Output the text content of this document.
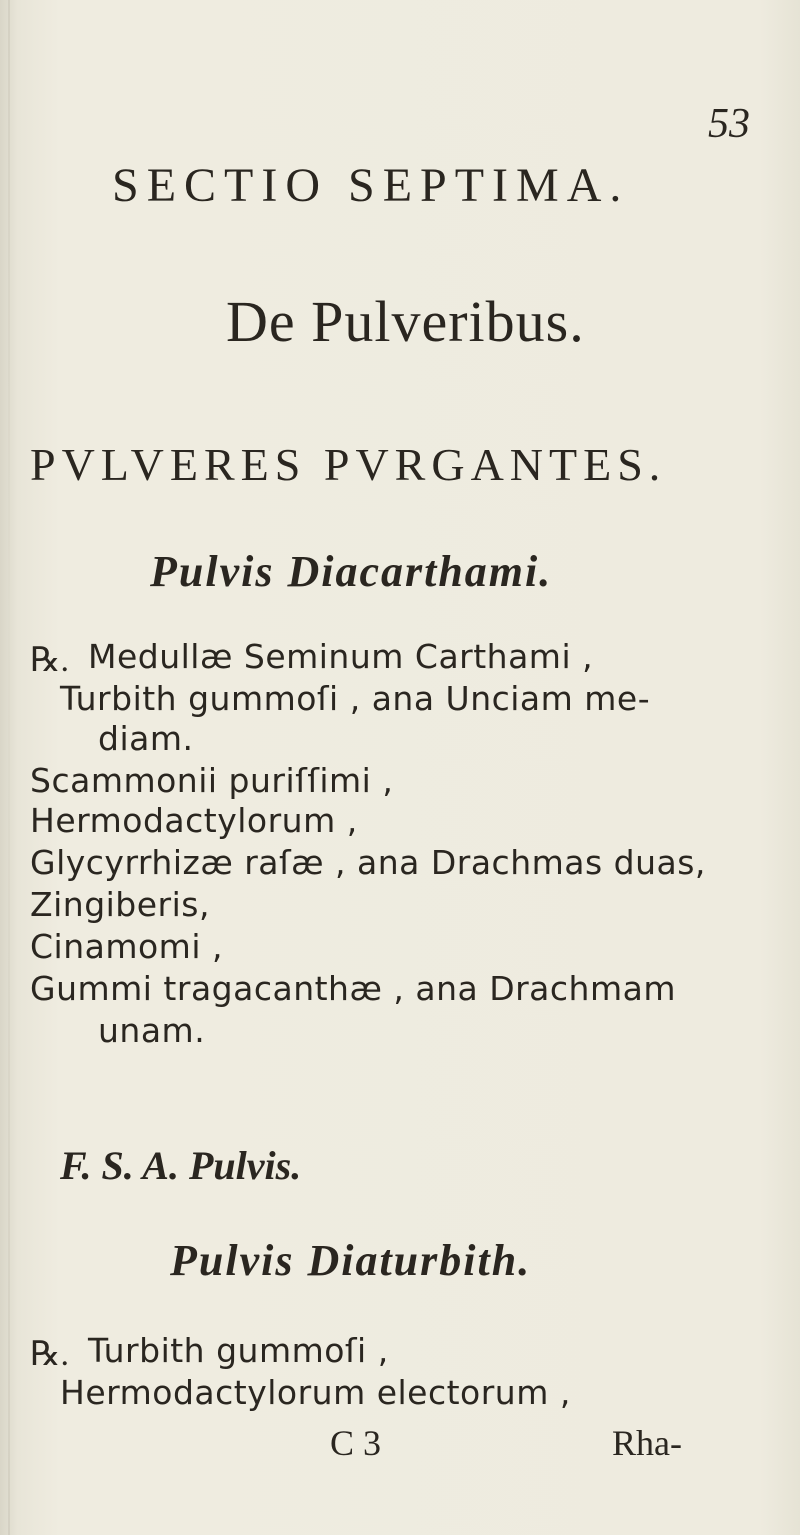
53
SECTIO SEPTIMA.
De Pulveribus.
PVLVERES PVRGANTES.
Pulvis Diacarthami.
℞. Medullæ Seminum Carthami ,
Turbith gummoſi , ana Unciam me-
diam.
Scammonii puriſſimi ,
Hermodactylorum ,
Glycyrrhizæ raſæ , ana Drachmas duas,
Zingiberis,
Cinamomi ,
Gummi tragacanthæ , ana Drachmam
unam.
F. S. A. Pulvis.
Pulvis Diaturbith.
℞. Turbith gummoſi ,
Hermodactylorum electorum ,
C 3	Rha-
